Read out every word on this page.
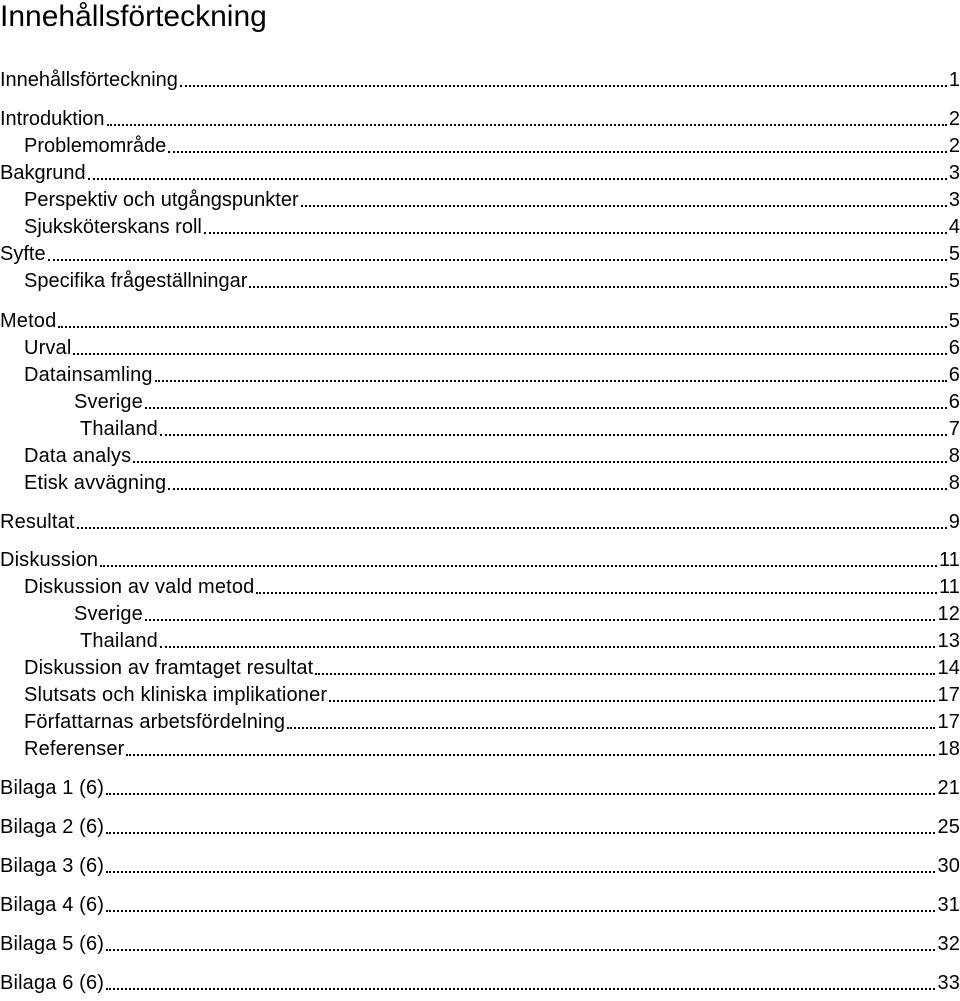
Innehållsförteckning
Innehållsförteckning	1
Introduktion	2
Problemområde	2
Bakgrund	3
Perspektiv och utgångspunkter	3
Sjuksköterskans roll	4
Syfte	5
Specifika frågeställningar	5
Metod	5
Urval	6
Datainsamling	6
Sverige	6
Thailand	7
Data analys	8
Etisk avvägning	8
Resultat	9
Diskussion	11
Diskussion av vald metod	11
Sverige	12
Thailand	13
Diskussion av framtaget resultat	14
Slutsats och kliniska implikationer	17
Författarnas arbetsfördelning	17
Referenser	18
Bilaga 1 (6)	21
Bilaga 2 (6)	25
Bilaga 3 (6)	30
Bilaga 4 (6)	31
Bilaga 5 (6)	32
Bilaga 6 (6)	33
